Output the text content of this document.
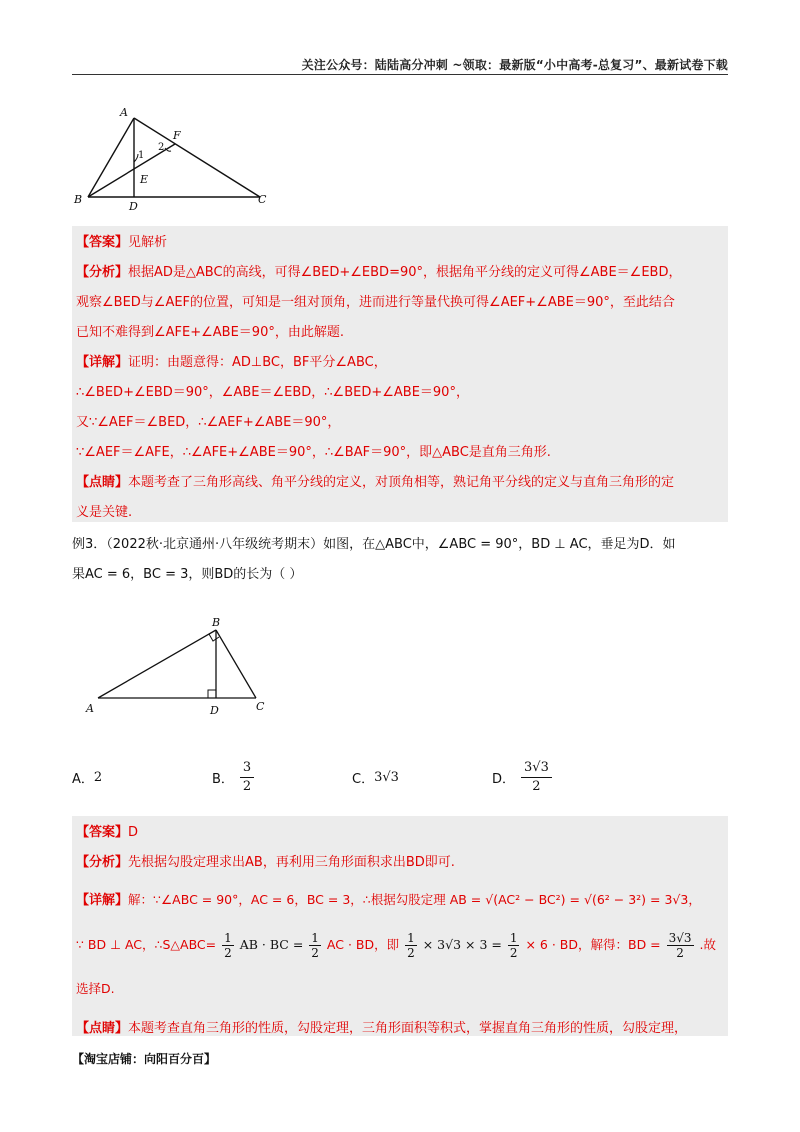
关注公众号：陆陆高分冲刺 ~领取：最新版“小中高考-总复习”、最新试卷下载
A
B	C
D
E
F
1
2

【答案】见解析

【分析】根据AD是△ABC的高线，可得∠BED+∠EBD=90°，根据角平分线的定义可得∠ABE＝∠EBD，

观察∠BED与∠AEF的位置，可知是一组对顶角，进而进行等量代换可得∠AEF+∠ABE＝90°，至此结合

已知不难得到∠AFE+∠ABE＝90°，由此解题.

【详解】证明：由题意得：AD⊥BC，BF平分∠ABC，

∴∠BED+∠EBD＝90°，∠ABE＝∠EBD，∴∠BED+∠ABE＝90°，

又∵∠AEF＝∠BED，∴∠AEF+∠ABE＝90°，

∵∠AEF＝∠AFE，∴∠AFE+∠ABE＝90°，∴∠BAF＝90°，即△ABC是直角三角形.

【点睛】本题考查了三角形高线、角平分线的定义，对顶角相等，熟记角平分线的定义与直角三角形的定

义是关键.

例3．（2022秋·北京通州·八年级统考期末）如图，在△ABC中，∠ABC = 90°，BD ⊥ AC，垂足为D．如
果AC = 6，BC = 3，则BD的长为（ ）
A
B
C
D
A． 2	B． $\frac{3}{2}$	C． 3√3	D． $\frac{3√3}{2}$

【答案】D

【分析】先根据勾股定理求出AB，再利用三角形面积求出BD即可.

【详解】解：∵∠ABC = 90°，AC = 6，BC = 3，∴根据勾股定理 AB = √(AC² − BC²) = √(6² − 3²) = 3√3，

∵ BD ⊥ AC，∴S△ABC= $\frac{1}{2}$ AB · BC = $\frac{1}{2}$ AC · BD，即 $\frac{1}{2} \times 3√3 \times 3 = \frac{1}{2} \times 6$ · BD，解得：BD = $\frac{3√3}{2}$ .故选择D.

【点睛】本题考查直角三角形的性质，勾股定理，三角形面积等积式，掌握直角三角形的性质，勾股定理，

【淘宝店铺：向阳百分百】
